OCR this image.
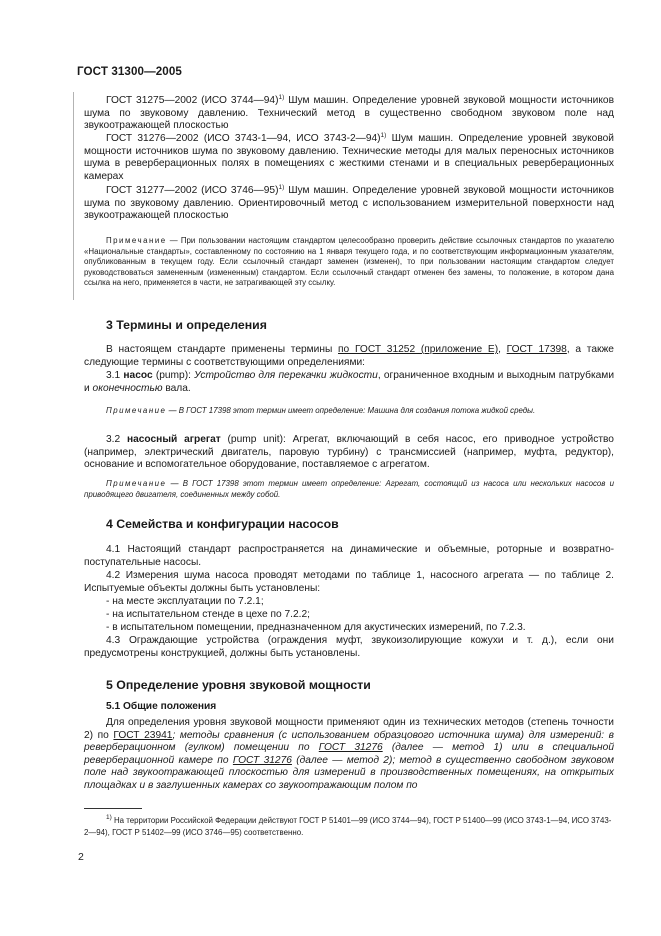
ГОСТ 31300—2005

ГОСТ 31275—2002 (ИСО 3744—94)$^{1)}$ Шум машин. Определение уровней звуковой мощности источников шума по звуковому давлению. Технический метод в существенно свободном звуковом поле над звукоотражающей плоскостью

ГОСТ 31276—2002 (ИСО 3743-1—94, ИСО 3743-2—94)$^{1)}$ Шум машин. Определение уровней звуковой мощности источников шума по звуковому давлению. Технические методы для малых переносных источников шума в реверберационных полях в помещениях с жесткими стенами и в специальных реверберационных камерах

ГОСТ 31277—2002 (ИСО 3746—95)$^{1)}$ Шум машин. Определение уровней звуковой мощности источников шума по звуковому давлению. Ориентировочный метод с использованием измерительной поверхности над звукоотражающей плоскостью

Примечание — При пользовании настоящим стандартом целесообразно проверить действие ссылочных стандартов по указателю «Национальные стандарты», составленному по состоянию на 1 января текущего года, и по соответствующим информационным указателям, опубликованным в текущем году. Если ссылочный стандарт заменен (изменен), то при пользовании настоящим стандартом следует руководствоваться замененным (измененным) стандартом. Если ссылочный стандарт отменен без замены, то положение, в котором дана ссылка на него, применяется в части, не затрагивающей эту ссылку.

3 Термины и определения

В настоящем стандарте применены термины по ГОСТ 31252 (приложение Е), ГОСТ 17398, а также следующие термины с соответствующими определениями:

3.1 насос (pump): Устройство для перекачки жидкости, ограниченное входным и выходным патрубками и оконечностью вала.

Примечание — В ГОСТ 17398 этот термин имеет определение: Машина для создания потока жидкой среды.

3.2 насосный агрегат (pump unit): Агрегат, включающий в себя насос, его приводное устройство (например, электрический двигатель, паровую турбину) с трансмиссией (например, муфта, редуктор), основание и вспомогательное оборудование, поставляемое с агрегатом.

Примечание — В ГОСТ 17398 этот термин имеет определение: Агрегат, состоящий из насоса или нескольких насосов и приводящего двигателя, соединенных между собой.

4 Семейства и конфигурации насосов

4.1 Настоящий стандарт распространяется на динамические и объемные, роторные и возвратно-поступательные насосы.

4.2 Измерения шума насоса проводят методами по таблице 1, насосного агрегата — по таблице 2. Испытуемые объекты должны быть установлены:

- на месте эксплуатации по 7.2.1;

- на испытательном стенде в цехе по 7.2.2;

- в испытательном помещении, предназначенном для акустических измерений, по 7.2.3.

4.3 Ограждающие устройства (ограждения муфт, звукоизолирующие кожухи и т. д.), если они предусмотрены конструкцией, должны быть установлены.

5 Определение уровня звуковой мощности
5.1 Общие положения

Для определения уровня звуковой мощности применяют один из технических методов (степень точности 2) по ГОСТ 23941; методы сравнения (с использованием образцового источника шума) для измерений: в реверберационном (гулком) помещении по ГОСТ 31276 (далее — метод 1) или в специальной реверберационной камере по ГОСТ 31276 (далее — метод 2); метод в существенно свободном звуковом поле над звукоотражающей плоскостью для измерений в производственных помещениях, на открытых площадках и в заглушенных камерах со звукоотражающим полом по

$^{1)}$ На территории Российской Федерации действуют ГОСТ Р 51401—99 (ИСО 3744—94), ГОСТ Р 51400—99 (ИСО 3743-1—94, ИСО 3743-2—94), ГОСТ Р 51402—99 (ИСО 3746—95) соответственно.

2
